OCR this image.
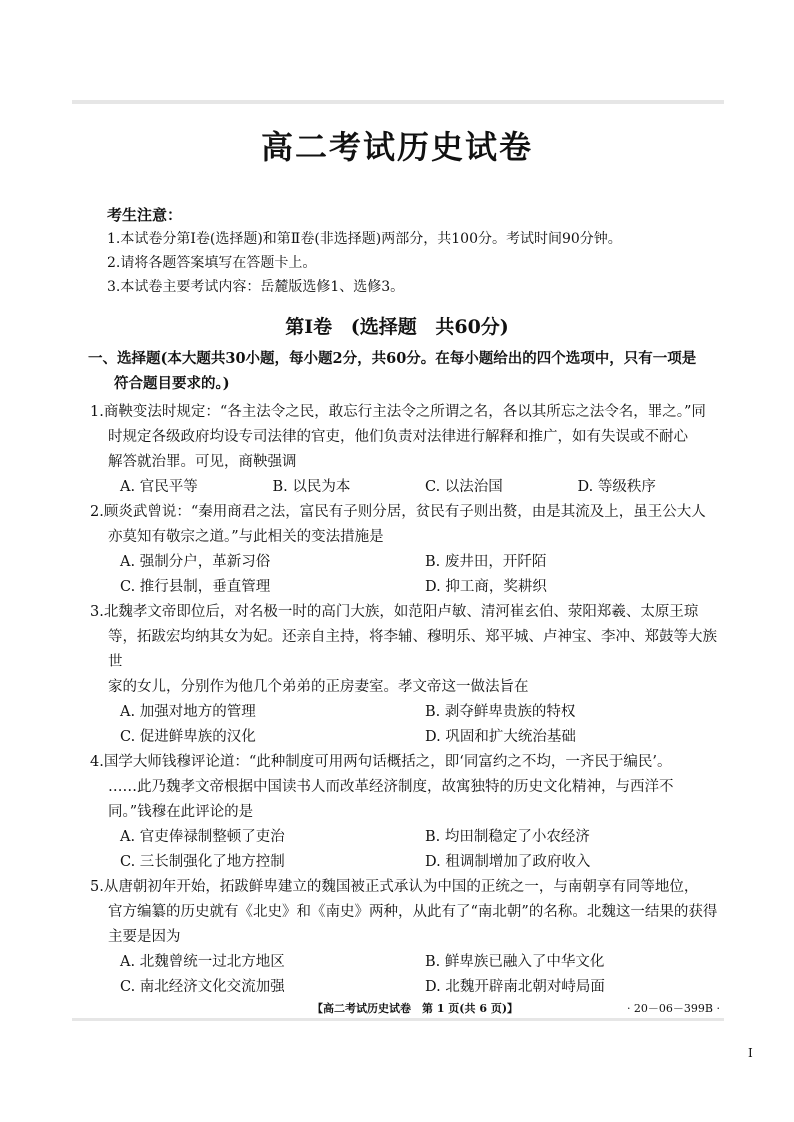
高二考试历史试卷
考生注意：
1.本试卷分第Ⅰ卷(选择题)和第Ⅱ卷(非选择题)两部分，共100分。考试时间90分钟。
2.请将各题答案填写在答题卡上。
3.本试卷主要考试内容：岳麓版选修1、选修3。
第Ⅰ卷 (选择题 共60分)
一、选择题(本大题共30小题，每小题2分，共60分。在每小题给出的四个选项中，只有一项是
符合题目要求的。)
1.商鞅变法时规定：“各主法令之民，敢忘行主法令之所谓之名，各以其所忘之法令名，罪之。”同
时规定各级政府均设专司法律的官吏，他们负责对法律进行解释和推广，如有失误或不耐心
解答就治罪。可见，商鞅强调
A. 官民平等	B. 以民为本	C. 以法治国	D. 等级秩序
2.顾炎武曾说：“秦用商君之法，富民有子则分居，贫民有子则出赘，由是其流及上，虽王公大人
亦莫知有敬宗之道。”与此相关的变法措施是
A. 强制分户，革新习俗	B. 废井田，开阡陌
C. 推行县制，垂直管理	D. 抑工商，奖耕织
3.北魏孝文帝即位后，对名极一时的高门大族，如范阳卢敏、清河崔玄伯、荥阳郑羲、太原王琼
等，拓跋宏均纳其女为妃。还亲自主持，将李辅、穆明乐、郑平城、卢神宝、李冲、郑鼓等大族世
家的女儿，分别作为他几个弟弟的正房妻室。孝文帝这一做法旨在
A. 加强对地方的管理	B. 剥夺鲜卑贵族的特权
C. 促进鲜卑族的汉化	D. 巩固和扩大统治基础
4.国学大师钱穆评论道：“此种制度可用两句话概括之，即‘同富约之不均，一齐民于编民’。
……此乃魏孝文帝根据中国读书人而改革经济制度，故寓独特的历史文化精神，与西洋不
同。”钱穆在此评论的是
A. 官吏俸禄制整顿了吏治	B. 均田制稳定了小农经济
C. 三长制强化了地方控制	D. 租调制增加了政府收入
5.从唐朝初年开始，拓跋鲜卑建立的魏国被正式承认为中国的正统之一，与南朝享有同等地位，
官方编纂的历史就有《北史》和《南史》两种，从此有了“南北朝”的名称。北魏这一结果的获得
主要是因为
A. 北魏曾统一过北方地区	B. 鲜卑族已融入了中华文化
C. 南北经济文化交流加强	D. 北魏开辟南北朝对峙局面
【高二考试历史试卷　第 1 页(共 6 页)】	· 20－06－399B ·
I
